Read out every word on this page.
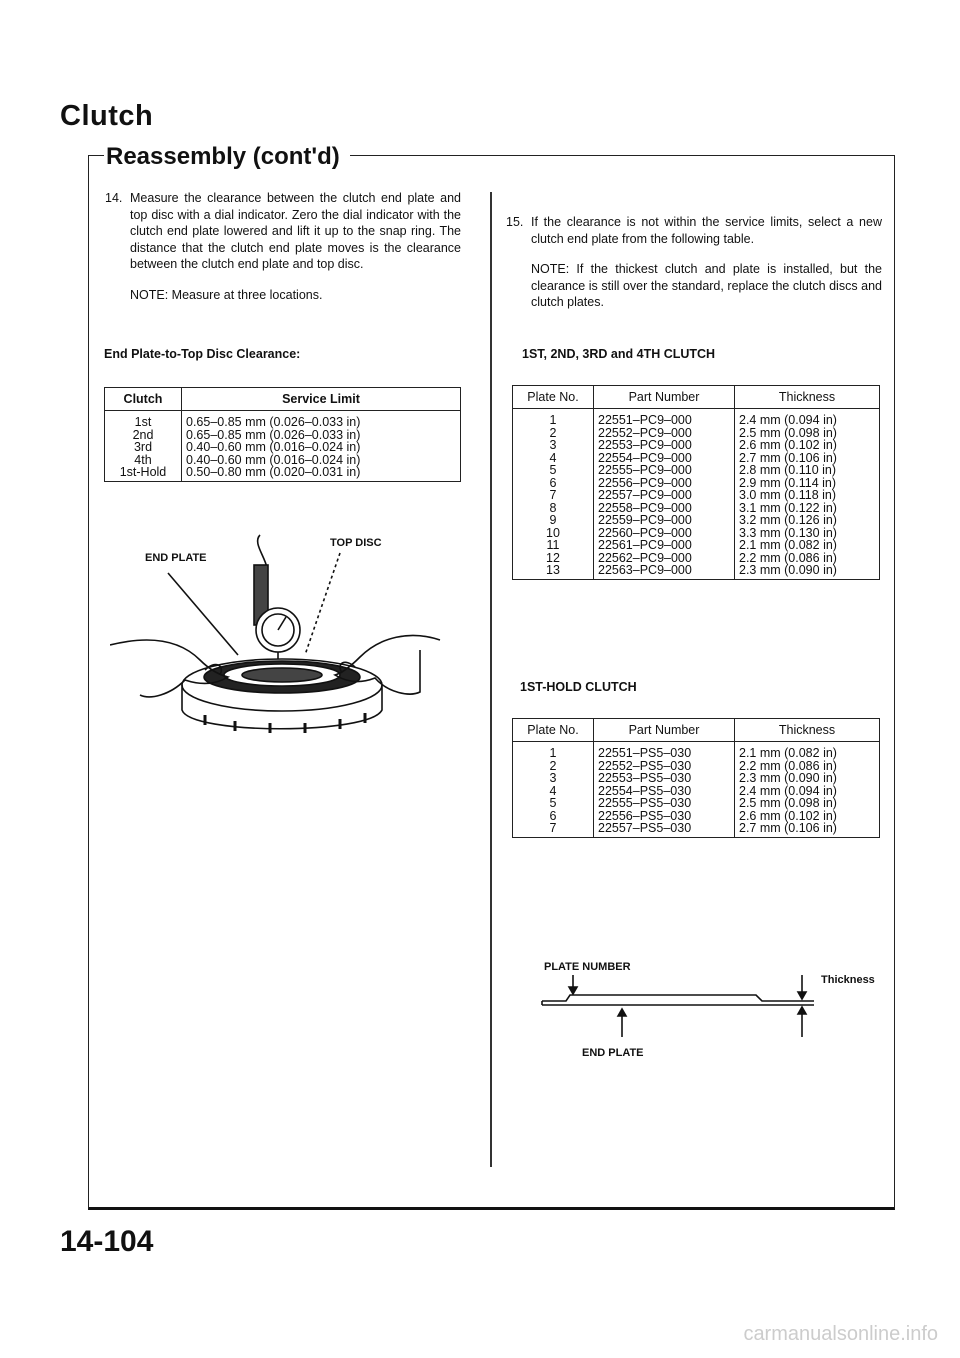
Clutch
Reassembly (cont'd)
14. Measure the clearance between the clutch end plate and top disc with a dial indicator. Zero the dial indicator with the clutch end plate lowered and lift it up to the snap ring. The distance that the clutch end plate moves is the clearance between the clutch end plate and top disc.
NOTE: Measure at three locations.
End Plate-to-Top Disc Clearance:
Clutch	Service Limit
1st	0.65–0.85 mm (0.026–0.033 in)
2nd	0.65–0.85 mm (0.026–0.033 in)
3rd	0.40–0.60 mm (0.016–0.024 in)
4th	0.40–0.60 mm (0.016–0.024 in)
1st-Hold	0.50–0.80 mm (0.020–0.031 in)
END PLATE
TOP DISC
15. If the clearance is not within the service limits, select a new clutch end plate from the following table.
NOTE: If the thickest clutch and plate is installed, but the clearance is still over the standard, replace the clutch discs and clutch plates.
1ST, 2ND, 3RD and 4TH CLUTCH
Plate No.	Part Number	Thickness
1	22551–PC9–000	2.4 mm (0.094 in)
2	22552–PC9–000	2.5 mm (0.098 in)
3	22553–PC9–000	2.6 mm (0.102 in)
4	22554–PC9–000	2.7 mm (0.106 in)
5	22555–PC9–000	2.8 mm (0.110 in)
6	22556–PC9–000	2.9 mm (0.114 in)
7	22557–PC9–000	3.0 mm (0.118 in)
8	22558–PC9–000	3.1 mm (0.122 in)
9	22559–PC9–000	3.2 mm (0.126 in)
10	22560–PC9–000	3.3 mm (0.130 in)
11	22561–PC9–000	2.1 mm (0.082 in)
12	22562–PC9–000	2.2 mm (0.086 in)
13	22563–PC9–000	2.3 mm (0.090 in)
1ST-HOLD CLUTCH
Plate No.	Part Number	Thickness
1	22551–PS5–030	2.1 mm (0.082 in)
2	22552–PS5–030	2.2 mm (0.086 in)
3	22553–PS5–030	2.3 mm (0.090 in)
4	22554–PS5–030	2.4 mm (0.094 in)
5	22555–PS5–030	2.5 mm (0.098 in)
6	22556–PS5–030	2.6 mm (0.102 in)
7	22557–PS5–030	2.7 mm (0.106 in)
PLATE NUMBER
Thickness
END PLATE
14-104
carmanualsonline.info
